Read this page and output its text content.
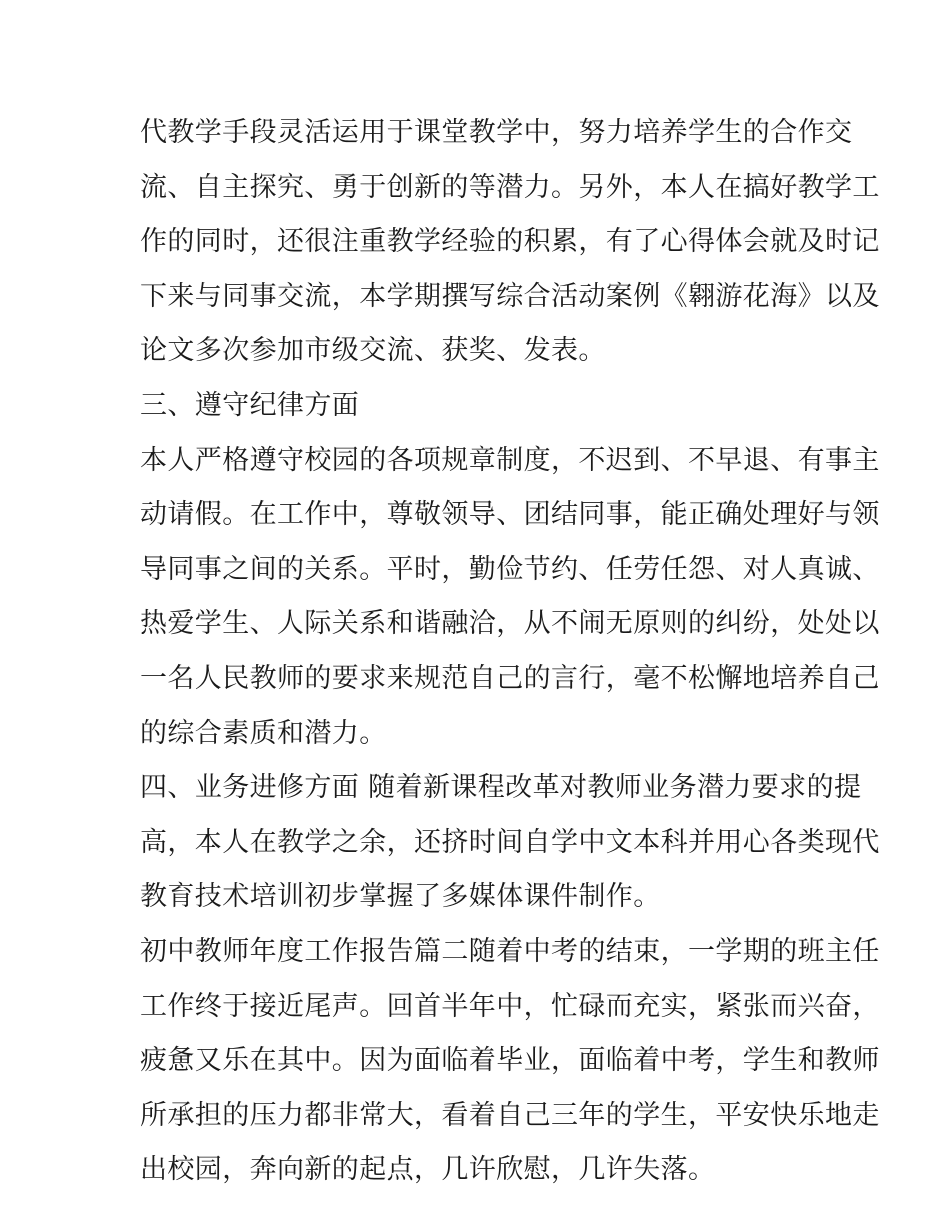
代教学手段灵活运用于课堂教学中，努力培养学生的合作交
流、自主探究、勇于创新的等潜力。另外，本人在搞好教学工
作的同时，还很注重教学经验的积累，有了心得体会就及时记
下来与同事交流，本学期撰写综合活动案例《翱游花海》以及
论文多次参加市级交流、获奖、发表。
三、遵守纪律方面
本人严格遵守校园的各项规章制度，不迟到、不早退、有事主
动请假。在工作中，尊敬领导、团结同事，能正确处理好与领
导同事之间的关系。平时，勤俭节约、任劳任怨、对人真诚、
热爱学生、人际关系和谐融洽，从不闹无原则的纠纷，处处以
一名人民教师的要求来规范自己的言行，毫不松懈地培养自己
的综合素质和潜力。
四、业务进修方面 随着新课程改革对教师业务潜力要求的提
高，本人在教学之余，还挤时间自学中文本科并用心各类现代
教育技术培训初步掌握了多媒体课件制作。
初中教师年度工作报告篇二随着中考的结束，一学期的班主任
工作终于接近尾声。回首半年中，忙碌而充实，紧张而兴奋，
疲惫又乐在其中。因为面临着毕业，面临着中考，学生和教师
所承担的压力都非常大，看着自己三年的学生，平安快乐地走
出校园，奔向新的起点，几许欣慰，几许失落。
